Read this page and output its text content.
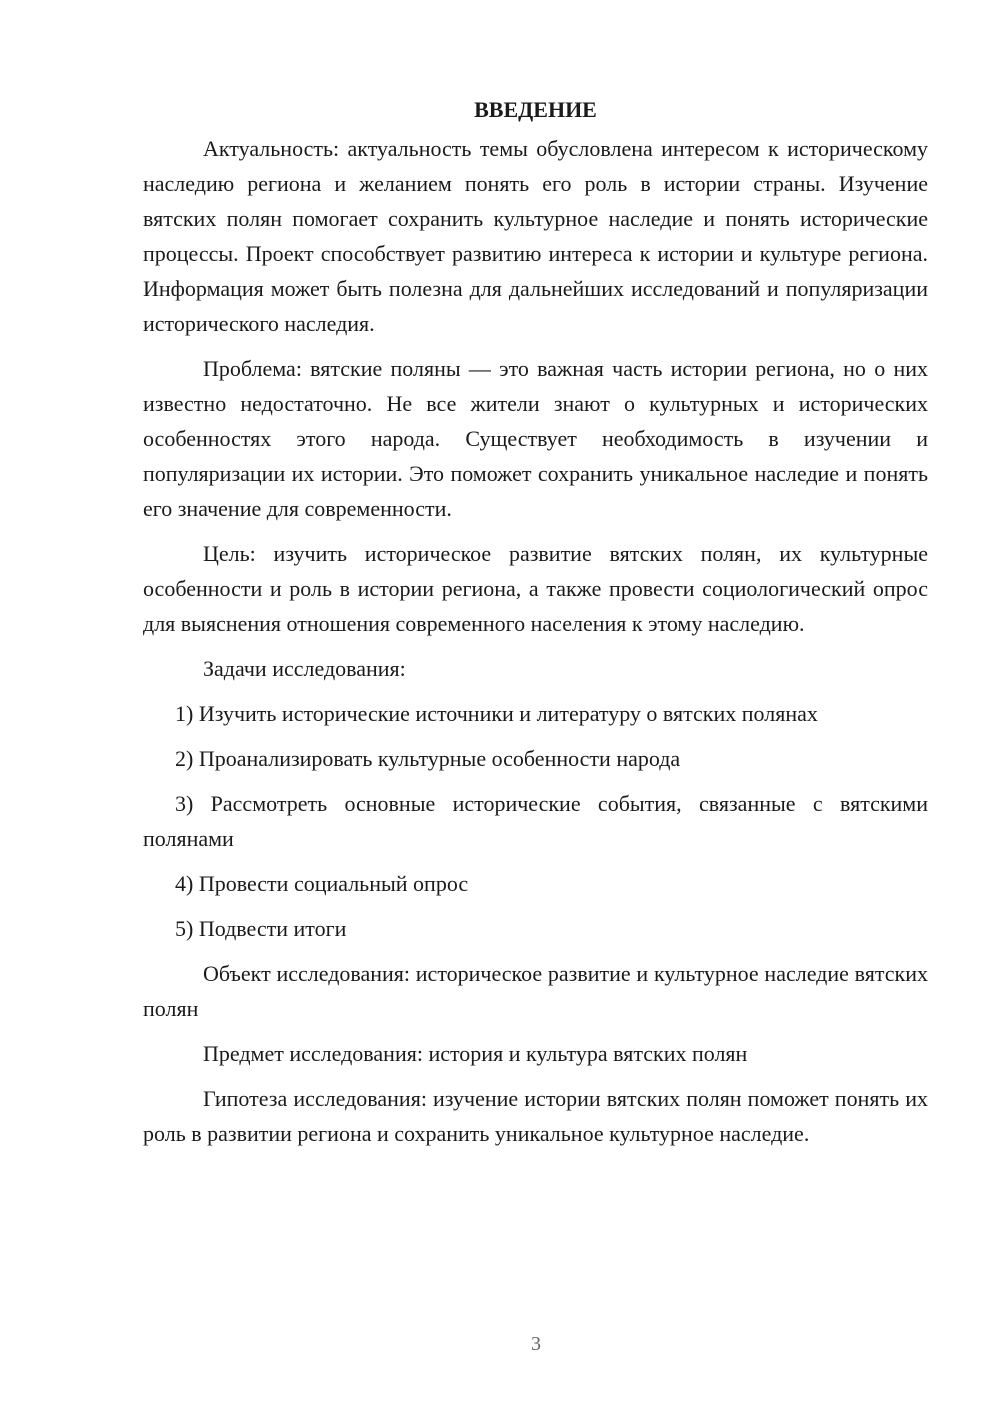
ВВЕДЕНИЕ

Актуальность: актуальность темы обусловлена интересом к историческому наследию региона и желанием понять его роль в истории страны. Изучение вятских полян помогает сохранить культурное наследие и понять исторические процессы. Проект способствует развитию интереса к истории и культуре региона. Информация может быть полезна для дальнейших исследований и популяризации исторического наследия.

Проблема: вятские поляны — это важная часть истории региона, но о них известно недостаточно. Не все жители знают о культурных и исторических особенностях этого народа. Существует необходимость в изучении и популяризации их истории. Это поможет сохранить уникальное наследие и понять его значение для современности.

Цель: изучить историческое развитие вятских полян, их культурные особенности и роль в истории региона, а также провести социологический опрос для выяснения отношения современного населения к этому наследию.

Задачи исследования:

1) Изучить исторические источники и литературу о вятских полянах

2) Проанализировать культурные особенности народа

3) Рассмотреть основные исторические события, связанные с вятскими полянами

4) Провести социальный опрос

5) Подвести итоги

Объект исследования: историческое развитие и культурное наследие вятских полян

Предмет исследования: история и культура вятских полян

Гипотеза исследования: изучение истории вятских полян поможет понять их роль в развитии региона и сохранить уникальное культурное наследие.

3
